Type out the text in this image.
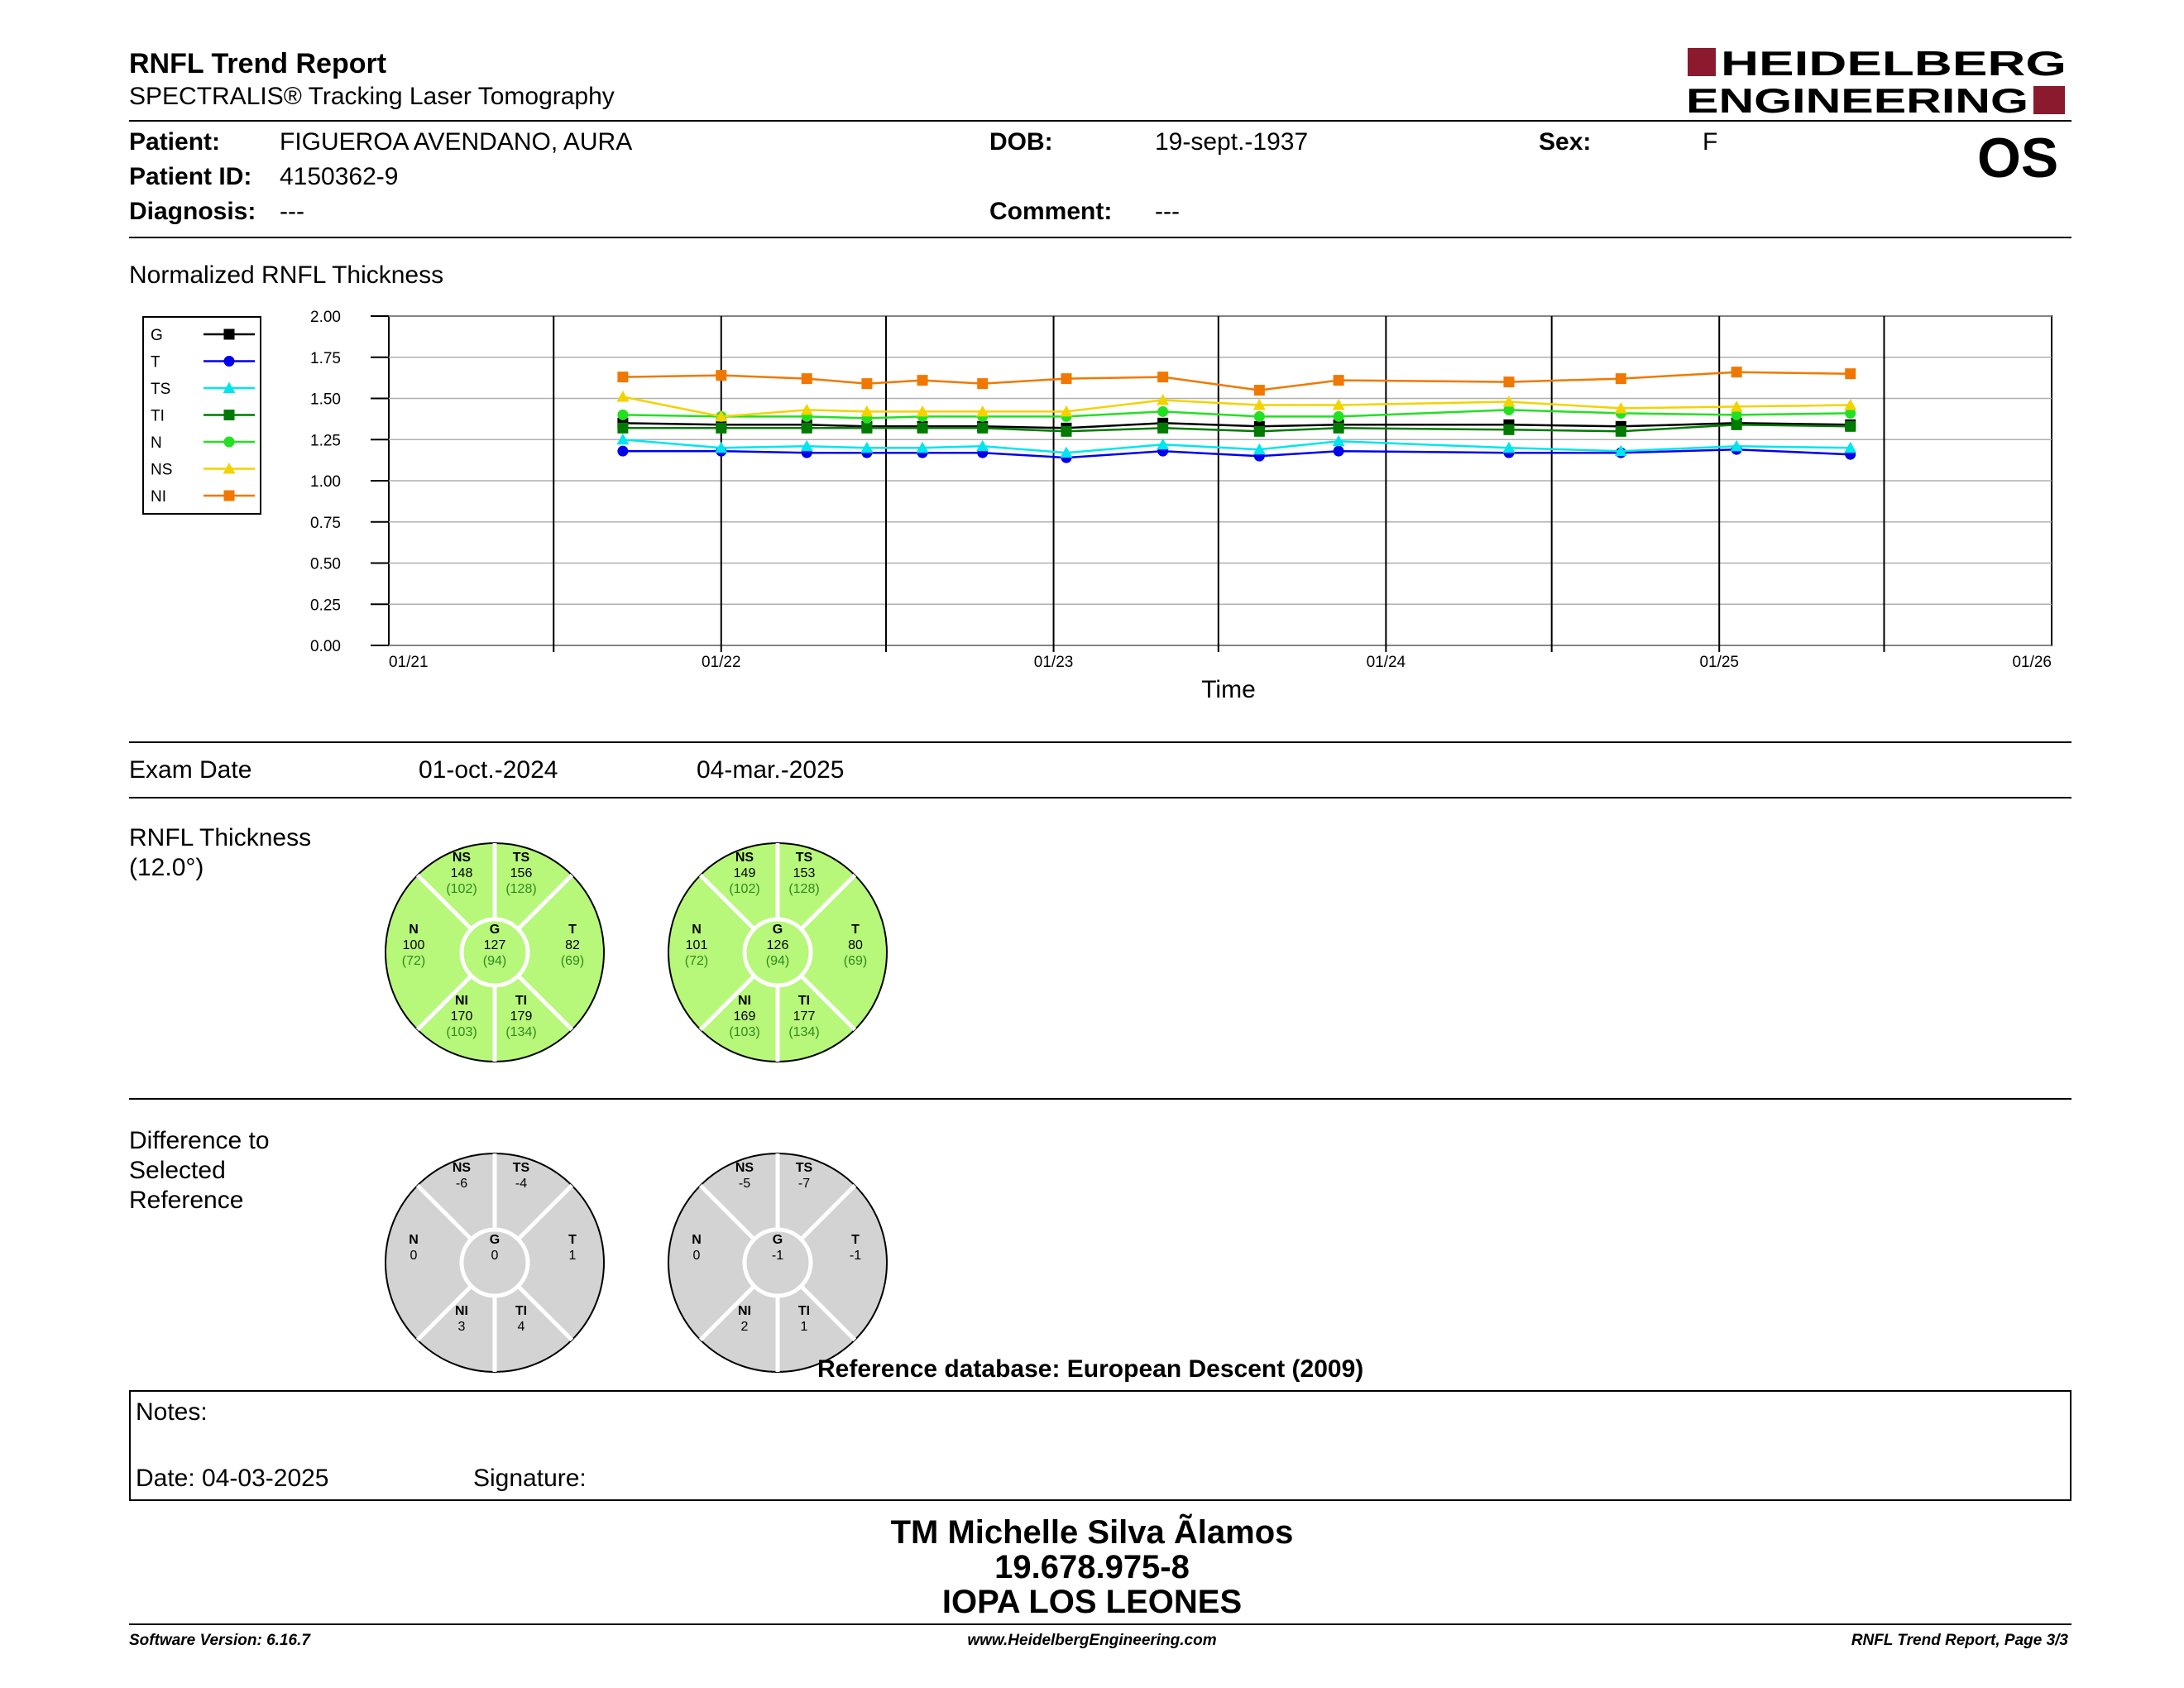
RNFL Trend Report
SPECTRALIS® Tracking Laser Tomography
HEIDELBERG
ENGINEERING
OS
Patient: FIGUEROA AVENDANO, AURA	DOB:	19-sept.-1937	Sex:	F
Patient ID: 4150362-9
Diagnosis: ---	Comment: ---
Normalized RNFL Thickness
G
T
TS
TI
N
NS
NI
Time
0.00
0.25
0.50
0.75
1.00
1.25
1.50
1.75
2.00
01/21	01/22	01/23	01/24	01/25	01/26
Exam Date	01-oct.-2024	04-mar.-2025
RNFL Thickness
(12.0°)	NS
148
(102)
TS
156
(128)
N
100
(72)
G
127
(94)
T
82
(69)
NI
170
(103)
TI
179
(134)
NS
149
(102)
TS
153
(128)
N
101
(72)
G
126
(94)
T
80
(69)
NI
169
(103)
TI
177
(134)
Difference to
Selected
Reference
NS
-6
TS
-4
N
0
G
0
T
1
NI
3
TI
4
NS
-5
TS
-7
N
0
G
-1
T
-1
NI
2
TI
1
Reference database: European Descent (2009)
Notes:
Date: 04-03-2025	Signature:
TM Michelle Silva Ãlamos
19.678.975-8
IOPA LOS LEONES
Software Version: 6.16.7	www.HeidelbergEngineering.com	RNFL Trend Report, Page 3/3
